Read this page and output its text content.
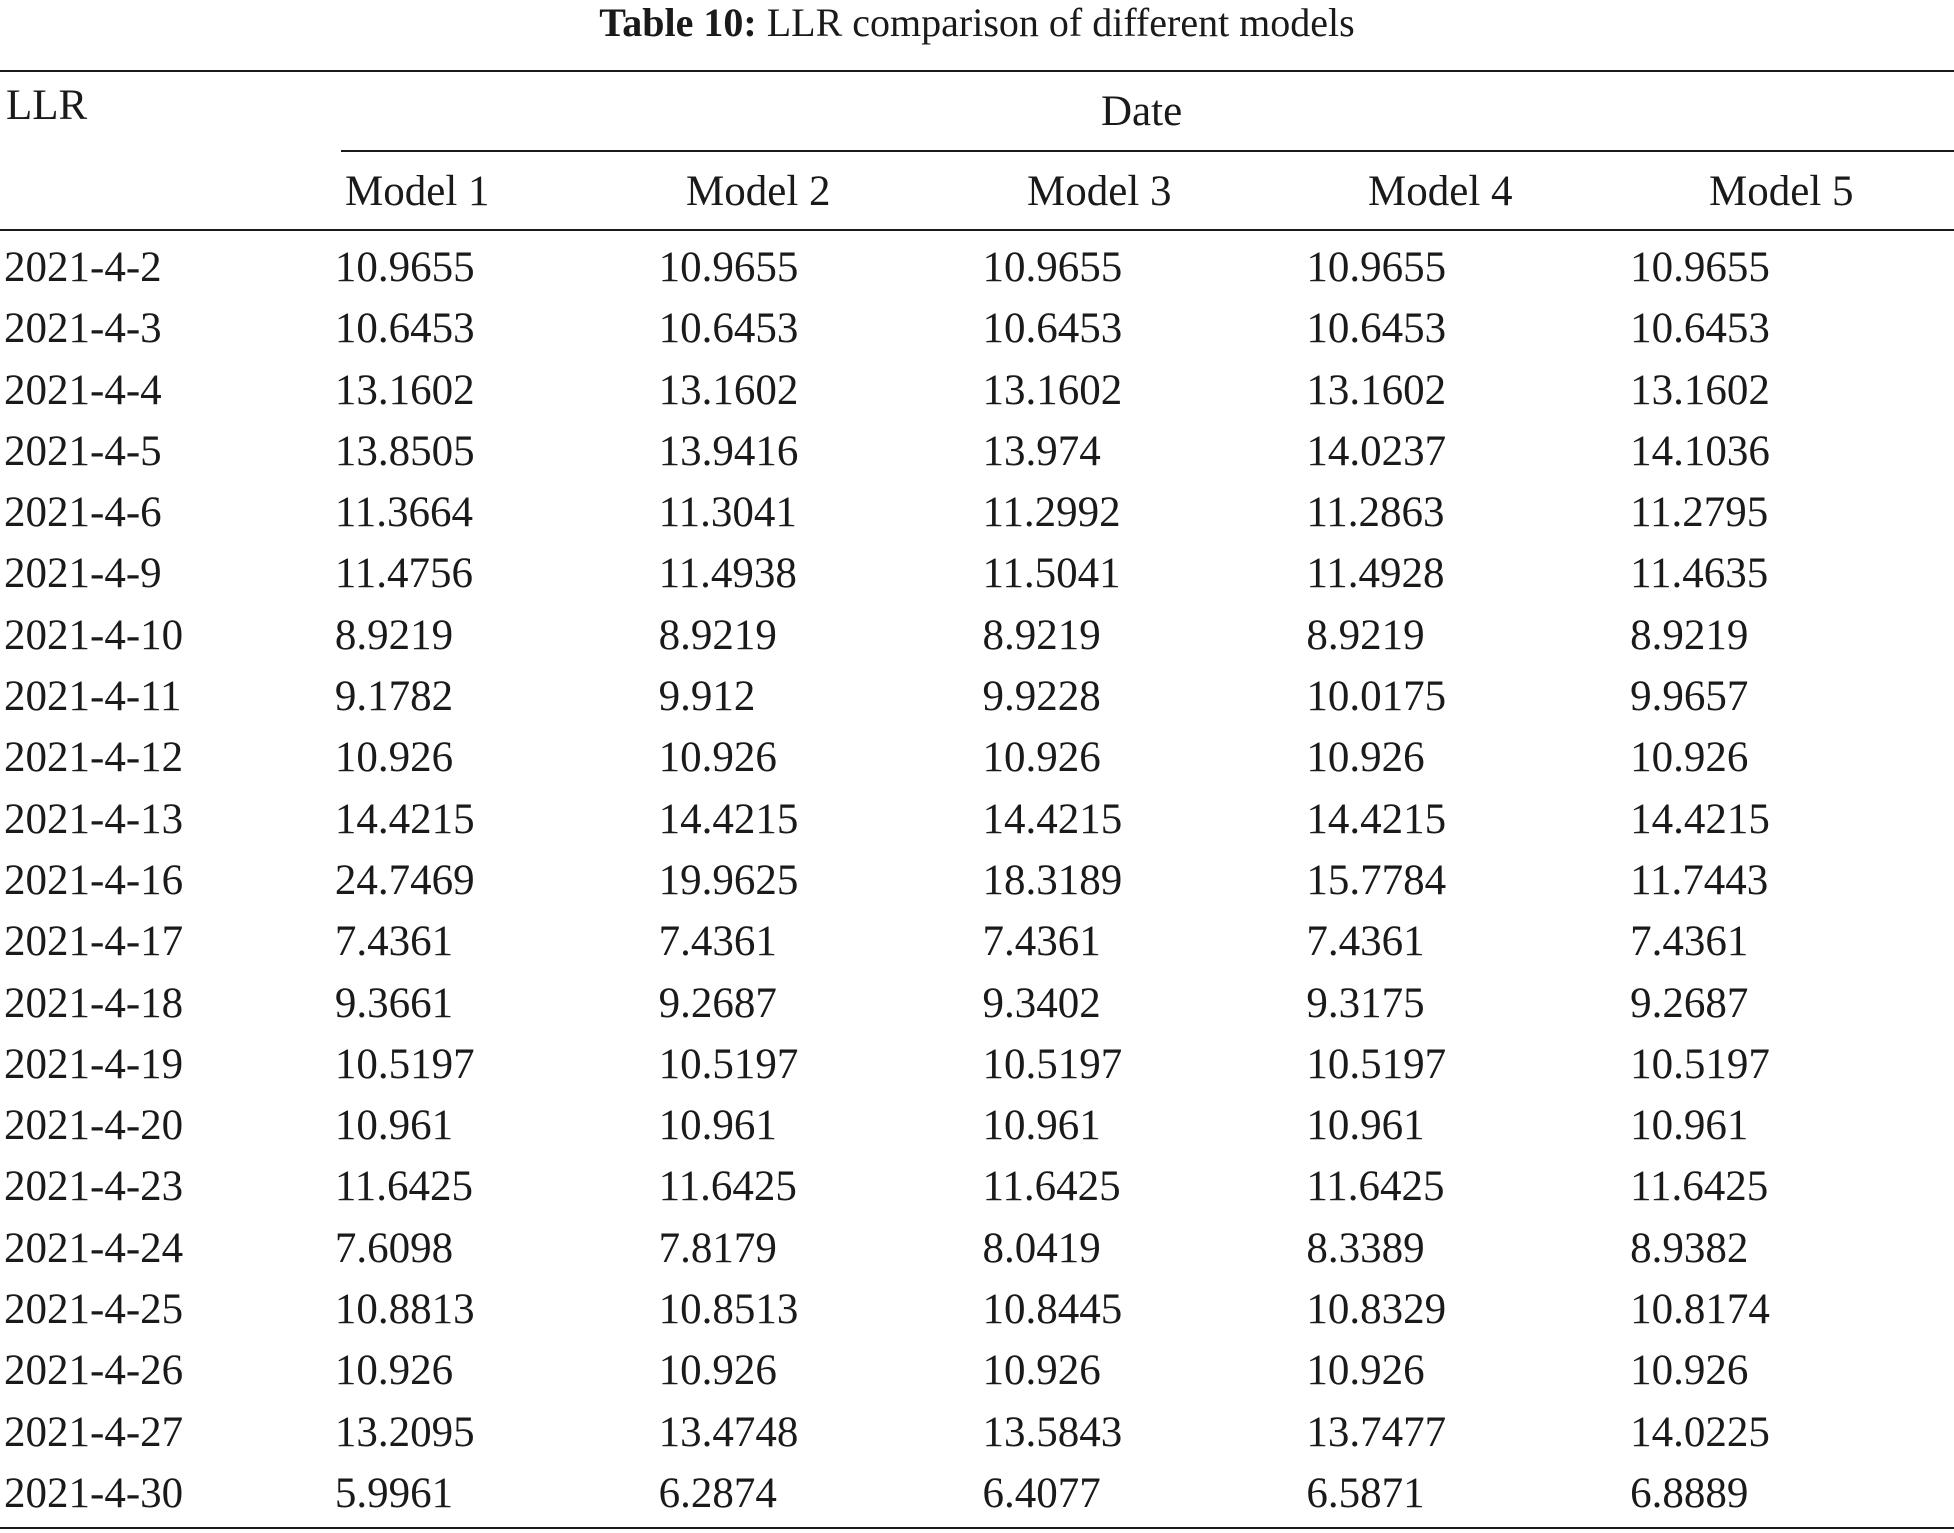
Table 10: LLR comparison of different models
LLR	Date
Model 1	Model 2	Model 3	Model 4	Model 5
2021-4-2	10.9655	10.9655	10.9655	10.9655	10.9655
2021-4-3	10.6453	10.6453	10.6453	10.6453	10.6453
2021-4-4	13.1602	13.1602	13.1602	13.1602	13.1602
2021-4-5	13.8505	13.9416	13.974	14.0237	14.1036
2021-4-6	11.3664	11.3041	11.2992	11.2863	11.2795
2021-4-9	11.4756	11.4938	11.5041	11.4928	11.4635
2021-4-10	8.9219	8.9219	8.9219	8.9219	8.9219
2021-4-11	9.1782	9.912	9.9228	10.0175	9.9657
2021-4-12	10.926	10.926	10.926	10.926	10.926
2021-4-13	14.4215	14.4215	14.4215	14.4215	14.4215
2021-4-16	24.7469	19.9625	18.3189	15.7784	11.7443
2021-4-17	7.4361	7.4361	7.4361	7.4361	7.4361
2021-4-18	9.3661	9.2687	9.3402	9.3175	9.2687
2021-4-19	10.5197	10.5197	10.5197	10.5197	10.5197
2021-4-20	10.961	10.961	10.961	10.961	10.961
2021-4-23	11.6425	11.6425	11.6425	11.6425	11.6425
2021-4-24	7.6098	7.8179	8.0419	8.3389	8.9382
2021-4-25	10.8813	10.8513	10.8445	10.8329	10.8174
2021-4-26	10.926	10.926	10.926	10.926	10.926
2021-4-27	13.2095	13.4748	13.5843	13.7477	14.0225
2021-4-30	5.9961	6.2874	6.4077	6.5871	6.8889
